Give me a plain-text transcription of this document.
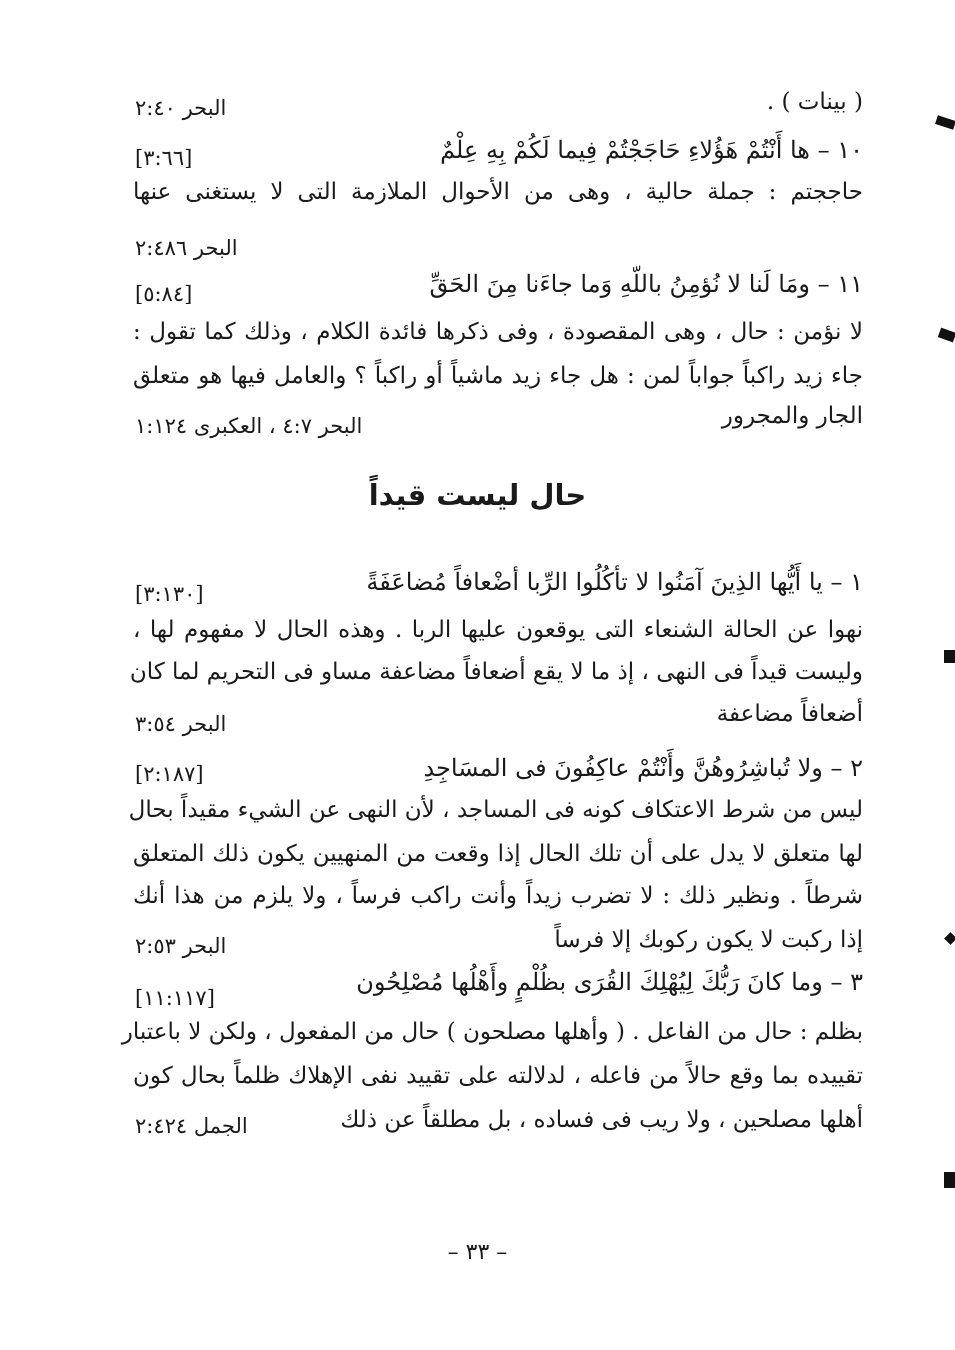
( بينات ) .
البحر ٢:٤٠
١٠ – ها أَنْتُمْ هَؤُلاءِ حَاجَجْتُمْ فِيما لَكُمْ بِهِ عِلْمٌ
[٣:٦٦]
حاججتم : جملة حالية ، وهى من الأحوال الملازمة التى لا يستغنى عنها
البحر ٢:٤٨٦
١١ – ومَا لَنا لا نُؤمِنُ باللّهِ وَما جاءَنا مِنَ الحَقِّ
[٥:٨٤]
لا نؤمن : حال ، وهى المقصودة ، وفى ذكرها فائدة الكلام ، وذلك كما تقول :
جاء زيد راكباً جواباً لمن : هل جاء زيد ماشياً أو راكباً ؟ والعامل فيها هو متعلق
الجار والمجرور
البحر ٤:٧ ، العكبرى ١:١٢٤
حال ليست قيداً
١ – يا أَيُّها الذِينَ آمَنُوا لا تأكُلُوا الرِّبا أضْعافاً مُضاعَفَةً
[٣:١٣٠]
نهوا عن الحالة الشنعاء التى يوقعون عليها الربا . وهذه الحال لا مفهوم لها ،
وليست قيداً فى النهى ، إذ ما لا يقع أضعافاً مضاعفة مساو فى التحريم لما كان
أضعافاً مضاعفة
البحر ٣:٥٤
٢ – ولا تُباشِرُوهُنَّ وأَنْتُمْ عاكِفُونَ فى المسَاجِدِ
[٢:١٨٧]
ليس من شرط الاعتكاف كونه فى المساجد ، لأن النهى عن الشيء مقيداً بحال
لها متعلق لا يدل على أن تلك الحال إذا وقعت من المنهيين يكون ذلك المتعلق
شرطاً . ونظير ذلك : لا تضرب زيداً وأنت راكب فرساً ، ولا يلزم من هذا أنك
إذا ركبت لا يكون ركوبك إلا فرساً
البحر ٢:٥٣
٣ – وما كانَ رَبُّكَ لِيُهْلِكَ القُرَى بظُلْمٍ وأَهْلُها مُصْلِحُون
[١١:١١٧]
بظلم : حال من الفاعل . ( وأهلها مصلحون ) حال من المفعول ، ولكن لا باعتبار
تقييده بما وقع حالاً من فاعله ، لدلالته على تقييد نفى الإهلاك ظلماً بحال كون
أهلها مصلحين ، ولا ريب فى فساده ، بل مطلقاً عن ذلك
الجمل ٢:٤٢٤
– ٣٣ –
